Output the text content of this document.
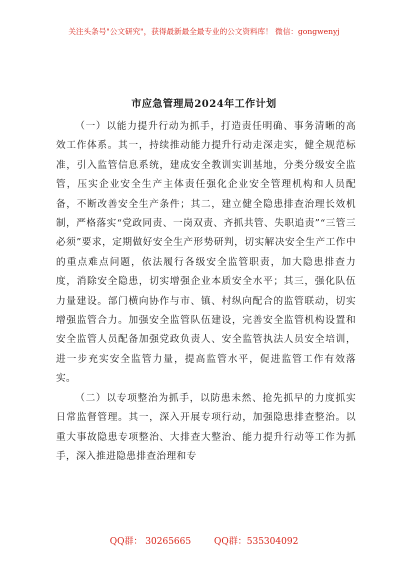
关注头条号"公文研究"，获得最新最全最专业的公文资料库！ 微信：gongwenyj
市应急管理局2024年工作计划

（一）以能力提升行动为抓手，打造责任明确、事务清晰的高效工作体系。其一，持续推动能力提升行动走深走实，健全规范标准，引入监管信息系统，建成安全教训实训基地，分类分级安全监管，压实企业安全生产主体责任强化企业安全管理机构和人员配备，不断改善安全生产条件；其二，建立健全隐患排查治理长效机制，严格落实“党政同责、一岗双责、齐抓共管、失职追责”“三管三必须”要求，定期做好安全生产形势研判，切实解决安全生产工作中的重点难点问题，依法履行各级安全监管职责，加大隐患排查力度，消除安全隐患，切实增强企业本质安全水平；其三，强化队伍力量建设。部门横向协作与市、镇、村纵向配合的监管联动，切实增强监管合力。加强安全监管队伍建设，完善安全监管机构设置和安全监管人员配备加强党政负责人、安全监管执法人员安全培训，进一步充实安全监管力量，提高监管水平，促进监管工作有效落实。

（二）以专项整治为抓手，以防患未然、抢先抓早的力度抓实日常监督管理。其一，深入开展专项行动，加强隐患排查整治。以重大事故隐患专项整治、大排查大整治、能力提升行动等工作为抓手，深入推进隐患排查治理和专

QQ群： 30265665	QQ群：535304092
